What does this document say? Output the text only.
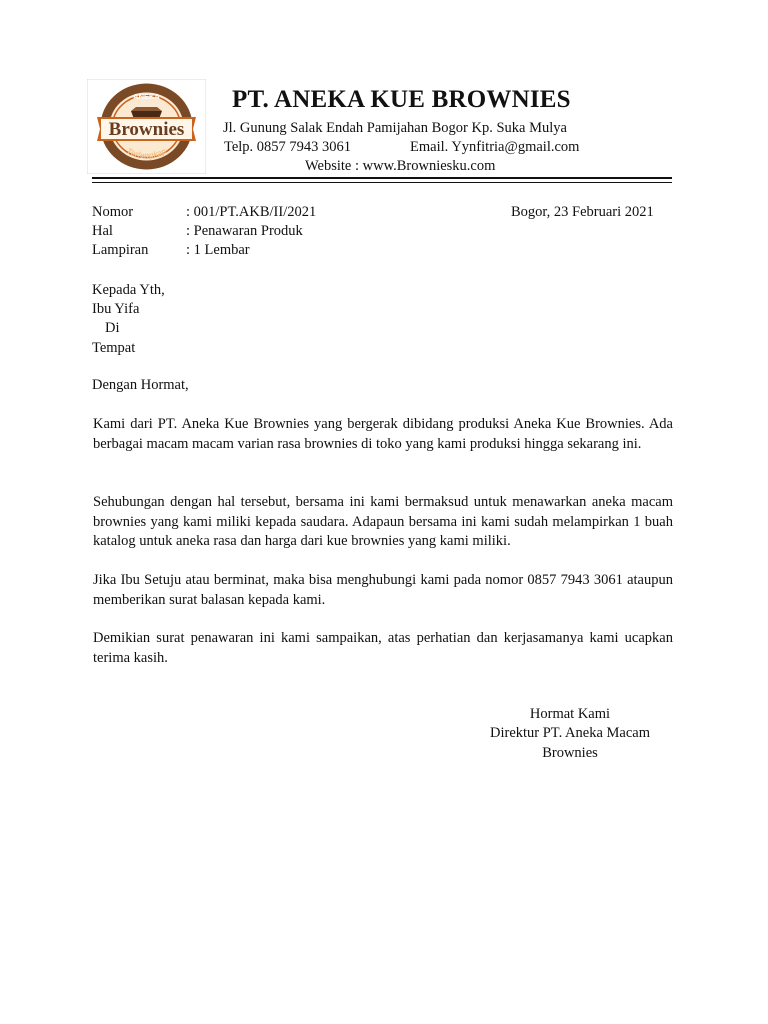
Brownies
ANEKA
Terlengkap
PT. ANEKA KUE BROWNIES
Jl. Gunung Salak Endah Pamijahan Bogor Kp. Suka Mulya
Telp. 0857 7943 3061	Email. Yynfitria@gmail.com
Website : www.Browniesku.com
Nomor	: 001/PT.AKB/II/2021	Bogor, 23 Februari 2021
Hal	: Penawaran Produk
Lampiran	: 1 Lembar
Kepada Yth,
Ibu Yifa
Di
Tempat
Dengan Hormat,
Kami dari PT. Aneka Kue Brownies yang bergerak dibidang produksi Aneka Kue Brownies. Ada berbagai macam macam varian rasa brownies di toko yang kami produksi hingga sekarang ini.
Sehubungan dengan hal tersebut, bersama ini kami bermaksud untuk menawarkan aneka macam brownies yang kami miliki kepada saudara. Adapaun bersama ini kami sudah melampirkan 1 buah katalog untuk aneka rasa dan harga dari kue brownies yang kami miliki.
Jika Ibu Setuju atau berminat, maka bisa menghubungi kami pada nomor 0857 7943 3061 ataupun memberikan surat balasan kepada kami.
Demikian surat penawaran ini kami sampaikan, atas perhatian dan kerjasamanya kami ucapkan terima kasih.
Hormat Kami
Direktur PT. Aneka Macam
Brownies
